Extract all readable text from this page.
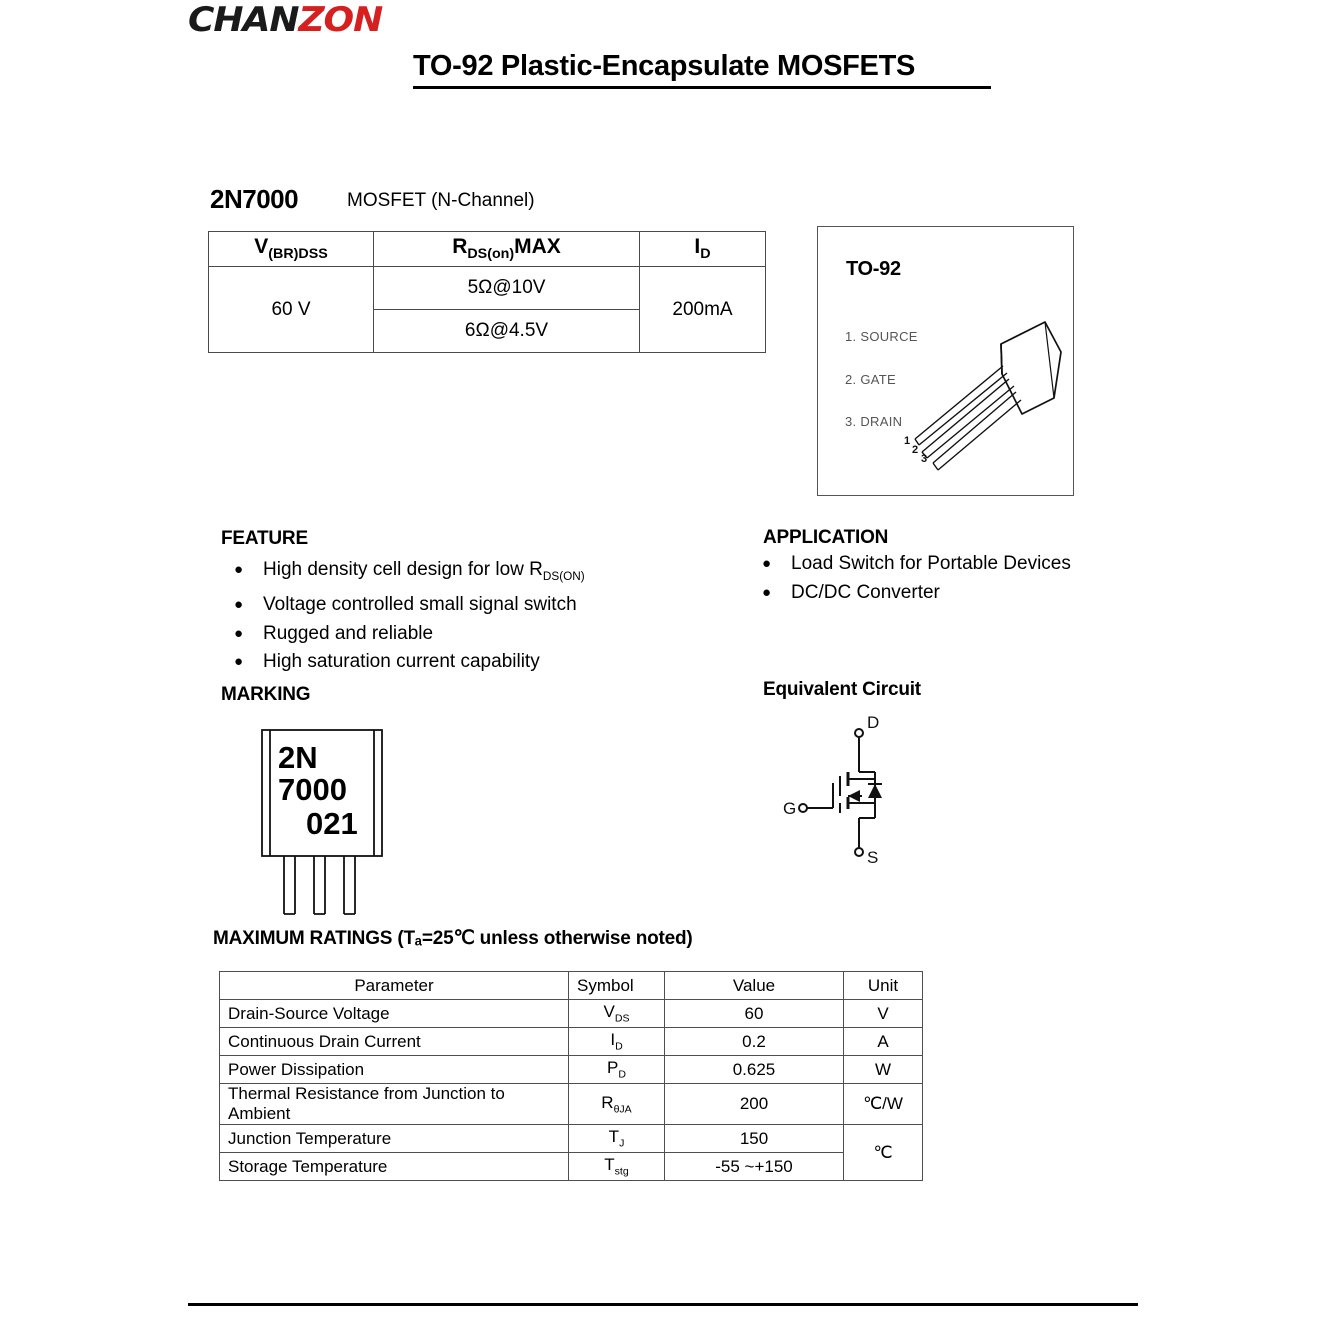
CHANZON
TO-92 Plastic-Encapsulate MOSFETS
2N7000	MOSFET (N-Channel)
$V_{(BR)DSS}$	$R_{DS(on)}MAX$	$I_D$
60 V	5Ω@10V	200mA
	6Ω@4.5V	
TO-92
1. SOURCE
2. GATE
3. DRAIN
1
2
3
FEATURE
● High density cell design for low $R_{DS(ON)}$
● Voltage controlled small signal switch
● Rugged and reliable
● High saturation current capability
APPLICATION
● Load Switch for Portable Devices
● DC/DC Converter
MARKING
2N
7000
021
Equivalent Circuit
D
G
S
MAXIMUM RATINGS (Tₐ=25℃ unless otherwise noted)
Parameter	Symbol	Value	Unit
Drain-Source Voltage	$V_{DS}$	60	V
Continuous Drain Current	$I_D$	0.2	A
Power Dissipation	$P_D$	0.625	W
Thermal Resistance from Junction to Ambient	$R_{\theta JA}$	200	℃/W
Junction Temperature	$T_J$	150	℃
Storage Temperature	$T_{stg}$	-55 ~+150	
